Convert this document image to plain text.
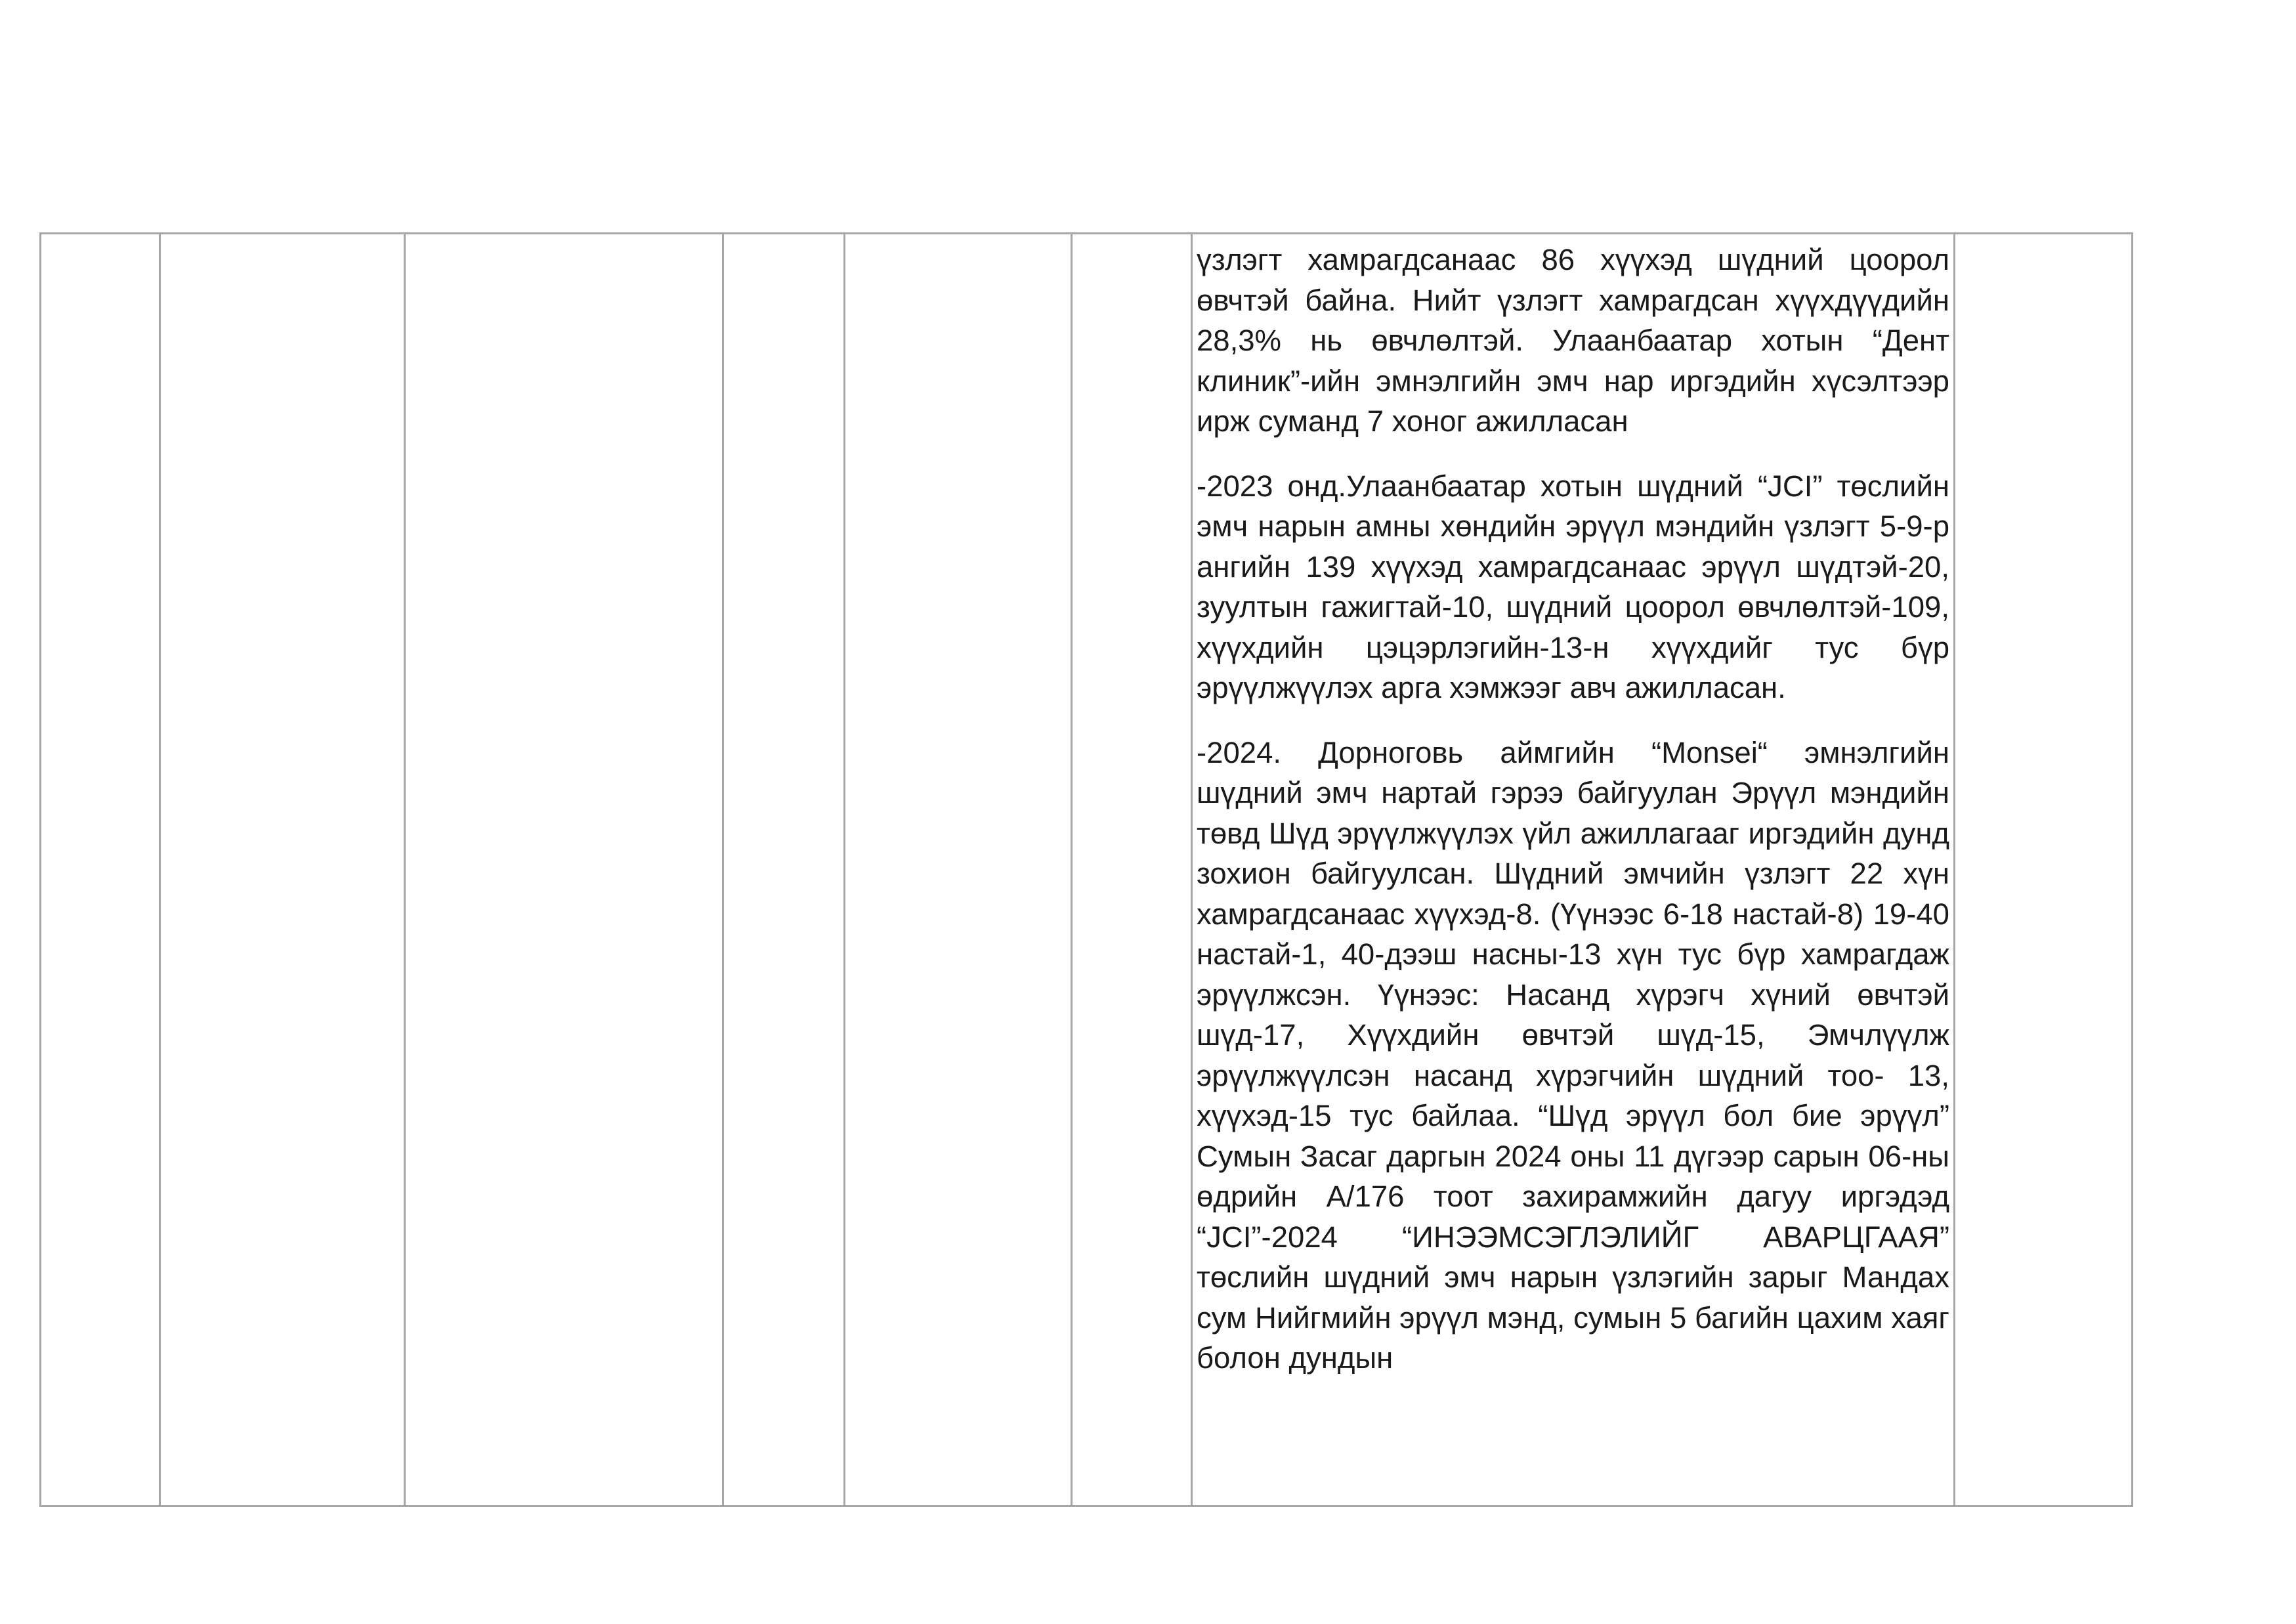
үзлэгт хамрагдсанаас 86 хүүхэд шүдний цоорол өвчтэй байна. Нийт үзлэгт хамрагдсан хүүхдүүдийн 28,3% нь өвчлөлтэй. Улаанбаатар хотын “Дент клиник”-ийн эмнэлгийн эмч нар иргэдийн хүсэлтээр ирж суманд 7 хоног ажилласан

-2023 онд.Улаанбаатар хотын шүдний “JCI” төслийн эмч нарын амны хөндийн эрүүл мэндийн үзлэгт 5-9-р ангийн 139 хүүхэд хамрагдсанаас эрүүл шүдтэй-20, зуултын гажигтай-10, шүдний цоорол өвчлөлтэй-109, хүүхдийн цэцэрлэгийн-13-н хүүхдийг тус бүр эрүүлжүүлэх арга хэмжээг авч ажилласан.

-2024. Дорноговь аймгийн “Monsei“ эмнэлгийн шүдний эмч нартай гэрээ байгуулан Эрүүл мэндийн төвд Шүд эрүүлжүүлэх үйл ажиллагааг иргэдийн дунд зохион байгуулсан. Шүдний эмчийн үзлэгт 22 хүн хамрагдсанаас хүүхэд-8. (Үүнээс 6-18 настай-8) 19-40 настай-1, 40-дээш насны-13 хүн тус бүр хамрагдаж эрүүлжсэн. Үүнээс: Насанд хүрэгч хүний өвчтэй шүд-17, Хүүхдийн өвчтэй шүд-15, Эмчлүүлж эрүүлжүүлсэн насанд хүрэгчийн шүдний тоо- 13, хүүхэд-15 тус байлаа. “Шүд эрүүл бол бие эрүүл” Сумын Засаг даргын 2024 оны 11 дүгээр сарын 06-ны өдрийн А/176 тоот захирамжийн дагуу иргэдэд “JCI”-2024 “ИНЭЭМСЭГЛЭЛИЙГ АВАРЦГААЯ” төслийн шүдний эмч нарын үзлэгийн зарыг Мандах сум Нийгмийн эрүүл мэнд, сумын 5 багийн цахим хаяг болон дундын
